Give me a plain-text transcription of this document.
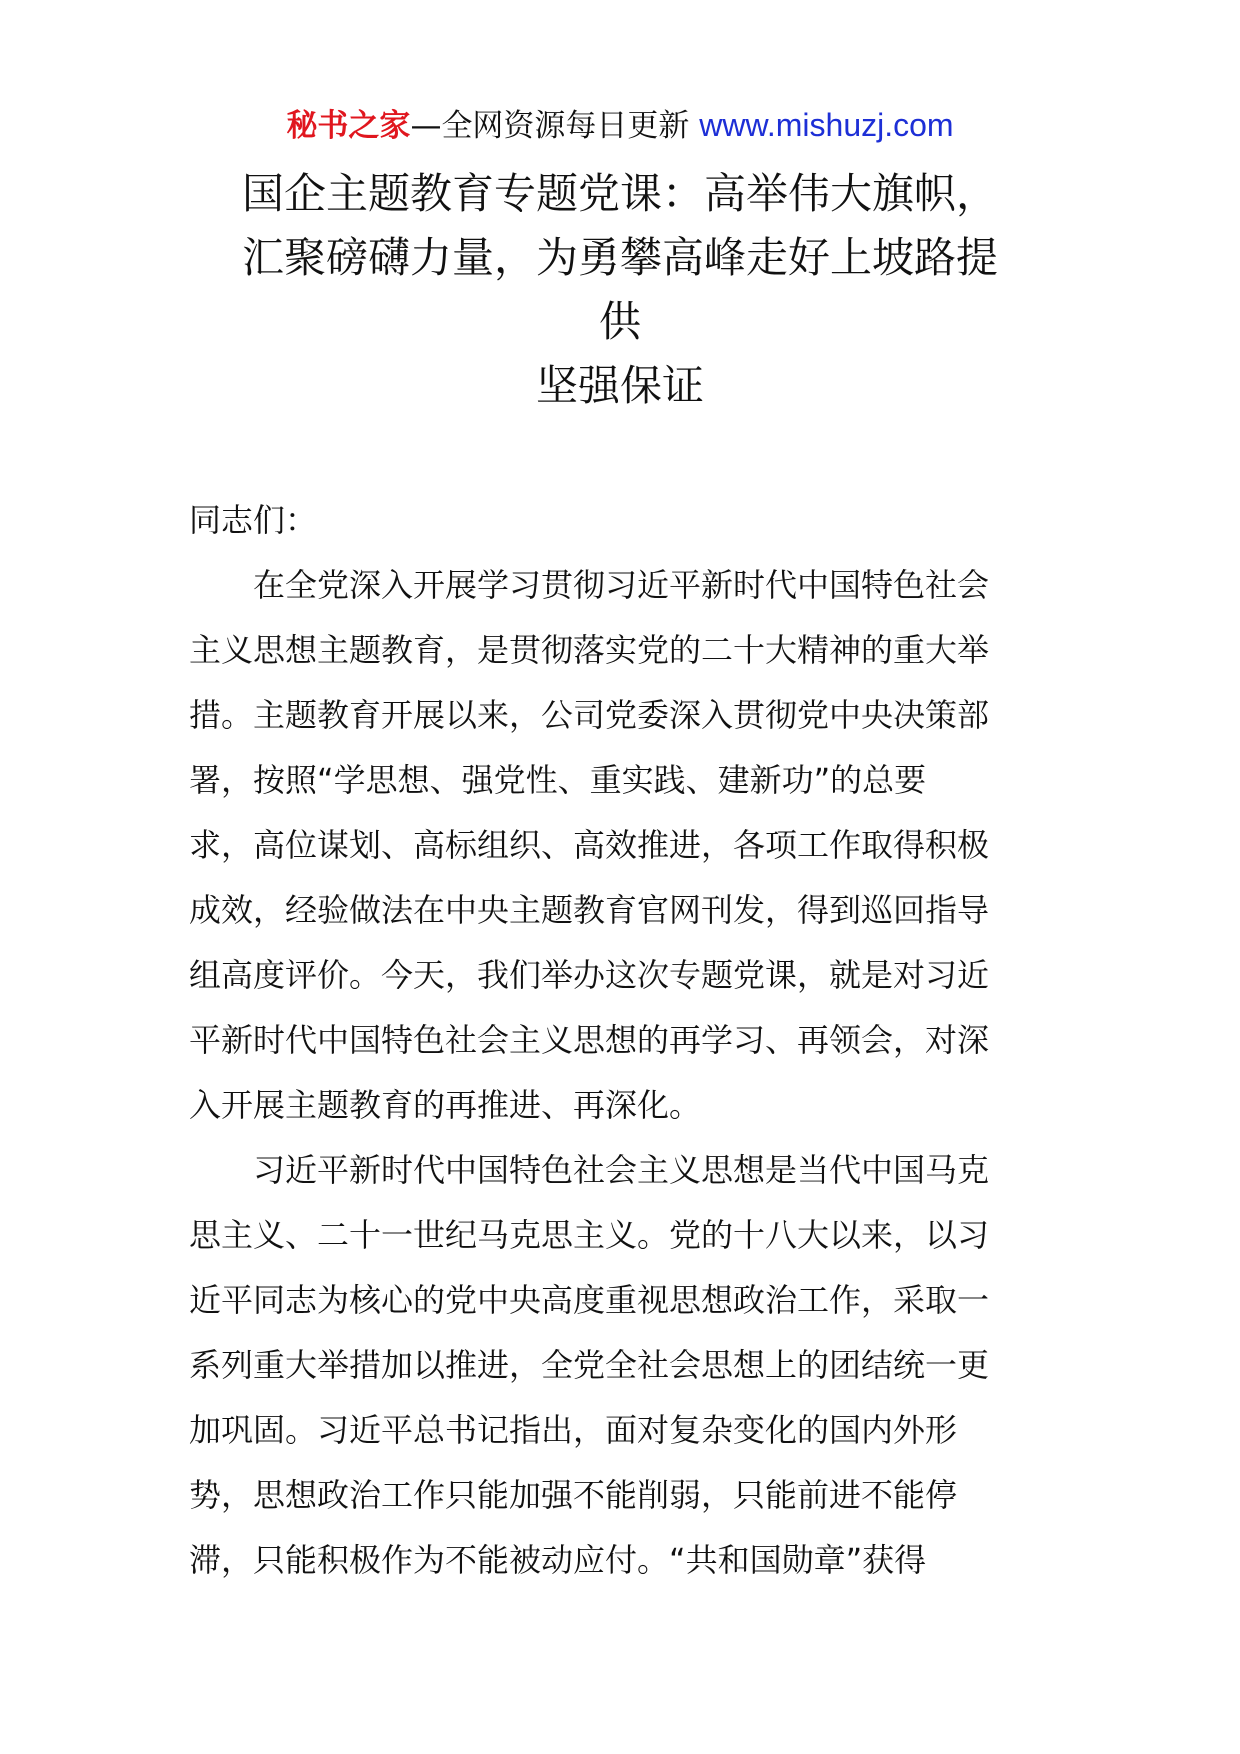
秘书之家—全网资源每日更新 www.mishuzj.com
国企主题教育专题党课：高举伟大旗帜，
汇聚磅礴力量，为勇攀高峰走好上坡路提
供
坚强保证

同志们：

在全党深入开展学习贯彻习近平新时代中国特色社会
主义思想主题教育，是贯彻落实党的二十大精神的重大举
措。主题教育开展以来，公司党委深入贯彻党中央决策部
署，按照“学思想、强党性、重实践、建新功”的总要
求，高位谋划、高标组织、高效推进，各项工作取得积极
成效，经验做法在中央主题教育官网刊发，得到巡回指导
组高度评价。今天，我们举办这次专题党课，就是对习近
平新时代中国特色社会主义思想的再学习、再领会，对深
入开展主题教育的再推进、再深化。
习近平新时代中国特色社会主义思想是当代中国马克
思主义、二十一世纪马克思主义。党的十八大以来，以习
近平同志为核心的党中央高度重视思想政治工作，采取一
系列重大举措加以推进，全党全社会思想上的团结统一更
加巩固。习近平总书记指出，面对复杂变化的国内外形
势，思想政治工作只能加强不能削弱，只能前进不能停
滞，只能积极作为不能被动应付。“共和国勋章”获得
